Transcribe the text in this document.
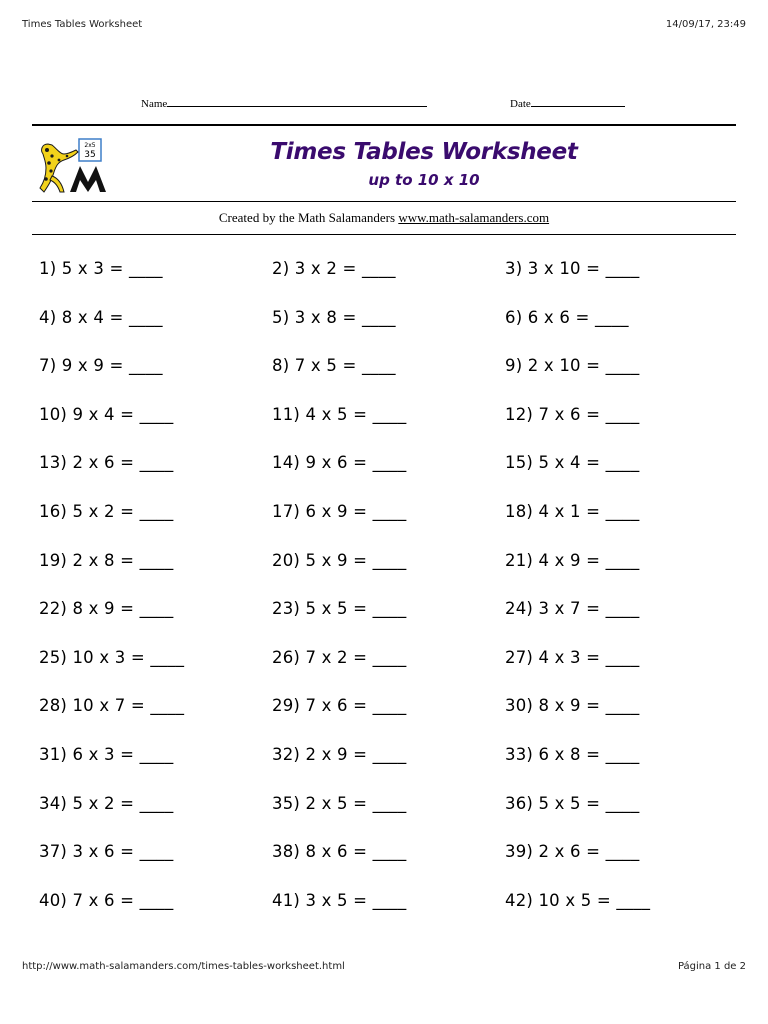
Times Tables Worksheet	14/09/17, 23:49
Name	Date
2x5
35	Times Tables Worksheet
up to 10 x 10
Created by the Math Salamanders www.math-salamanders.com
1) 5 x 3 = ____	2) 3 x 2 = ____	3) 3 x 10 = ____
4) 8 x 4 = ____	5) 3 x 8 = ____	6) 6 x 6 = ____
7) 9 x 9 = ____	8) 7 x 5 = ____	9) 2 x 10 = ____
10) 9 x 4 = ____	11) 4 x 5 = ____	12) 7 x 6 = ____
13) 2 x 6 = ____	14) 9 x 6 = ____	15) 5 x 4 = ____
16) 5 x 2 = ____	17) 6 x 9 = ____	18) 4 x 1 = ____
19) 2 x 8 = ____	20) 5 x 9 = ____	21) 4 x 9 = ____
22) 8 x 9 = ____	23) 5 x 5 = ____	24) 3 x 7 = ____
25) 10 x 3 = ____	26) 7 x 2 = ____	27) 4 x 3 = ____
28) 10 x 7 = ____	29) 7 x 6 = ____	30) 8 x 9 = ____
31) 6 x 3 = ____	32) 2 x 9 = ____	33) 6 x 8 = ____
34) 5 x 2 = ____	35) 2 x 5 = ____	36) 5 x 5 = ____
37) 3 x 6 = ____	38) 8 x 6 = ____	39) 2 x 6 = ____
40) 7 x 6 = ____	41) 3 x 5 = ____	42) 10 x 5 = ____
http://www.math-salamanders.com/times-tables-worksheet.html	Página 1 de 2
